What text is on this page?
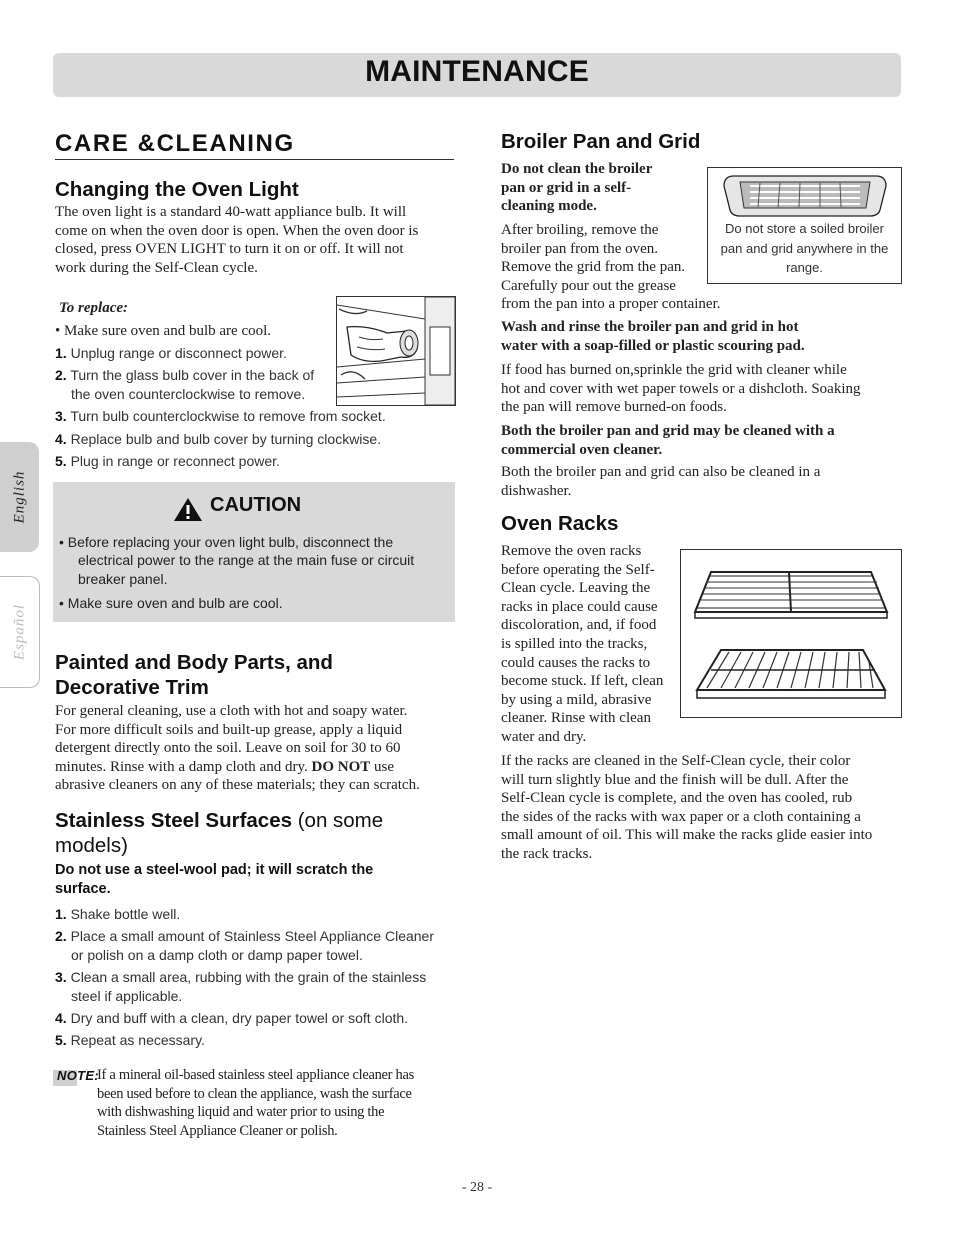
MAINTENANCE
English
Español
CARE &CLEANING
Changing the Oven Light
The oven light is a standard 40-watt appliance bulb. It will
come on when the oven door is open. When the oven door is
closed, press OVEN LIGHT to turn it on or off. It will not
work during the Self-Clean cycle.
To replace:
• Make sure oven and bulb are cool.
1. Unplug range or disconnect power.
2. Turn the glass bulb cover in the back of
the oven counterclockwise to remove.
3. Turn bulb counterclockwise to remove from socket.
4. Replace bulb and bulb cover by turning clockwise.
5. Plug in range or reconnect power.
CAUTION
• Before replacing your oven light bulb, disconnect the
electrical power to the range at the main fuse or circuit
breaker panel.
• Make sure oven and bulb are cool.
Painted and Body Parts, and
Decorative Trim
For general cleaning, use a cloth with hot and soapy water.
For more difficult soils and built-up grease, apply a liquid
detergent directly onto the soil. Leave on soil for 30 to 60
minutes. Rinse with a damp cloth and dry. DO NOT use
abrasive cleaners on any of these materials; they can scratch.
Stainless Steel Surfaces (on some
models)
Do not use a steel-wool pad; it will scratch the
surface.
1. Shake bottle well.
2. Place a small amount of Stainless Steel Appliance Cleaner
or polish on a damp cloth or damp paper towel.
3. Clean a small area, rubbing with the grain of the stainless
steel if applicable.
4. Dry and buff with a clean, dry paper towel or soft cloth.
5. Repeat as necessary.
NOTE:
If a mineral oil-based stainless steel appliance cleaner has
been used before to clean the appliance, wash the surface
with dishwashing liquid and water prior to using the
Stainless Steel Appliance Cleaner or polish.
Broiler Pan and Grid
Do not clean the broiler
pan or grid in a self-
cleaning mode.
Do not store a soiled broiler
pan and grid anywhere in the
range.
After broiling, remove the
broiler pan from the oven.
Remove the grid from the pan.
Carefully pour out the grease
from the pan into a proper container.
Wash and rinse the broiler pan and grid in hot
water with a soap-filled or plastic scouring pad.
If food has burned on,sprinkle the grid with cleaner while
hot and cover with wet paper towels or a dishcloth. Soaking
the pan will remove burned-on foods.
Both the broiler pan and grid may be cleaned with a
commercial oven cleaner.
Both the broiler pan and grid can also be cleaned in a
dishwasher.
Oven Racks
Remove the oven racks
before operating the Self-
Clean cycle. Leaving the
racks in place could cause
discoloration, and, if food
is spilled into the tracks,
could causes the racks to
become stuck. If left, clean
by using a mild, abrasive
cleaner. Rinse with clean
water and dry.
If the racks are cleaned in the Self-Clean cycle, their color
will turn slightly blue and the finish will be dull. After the
Self-Clean cycle is complete, and the oven has cooled, rub
the sides of the racks with wax paper or a cloth containing a
small amount of oil. This will make the racks glide easier into
the rack tracks.
- 28 -
